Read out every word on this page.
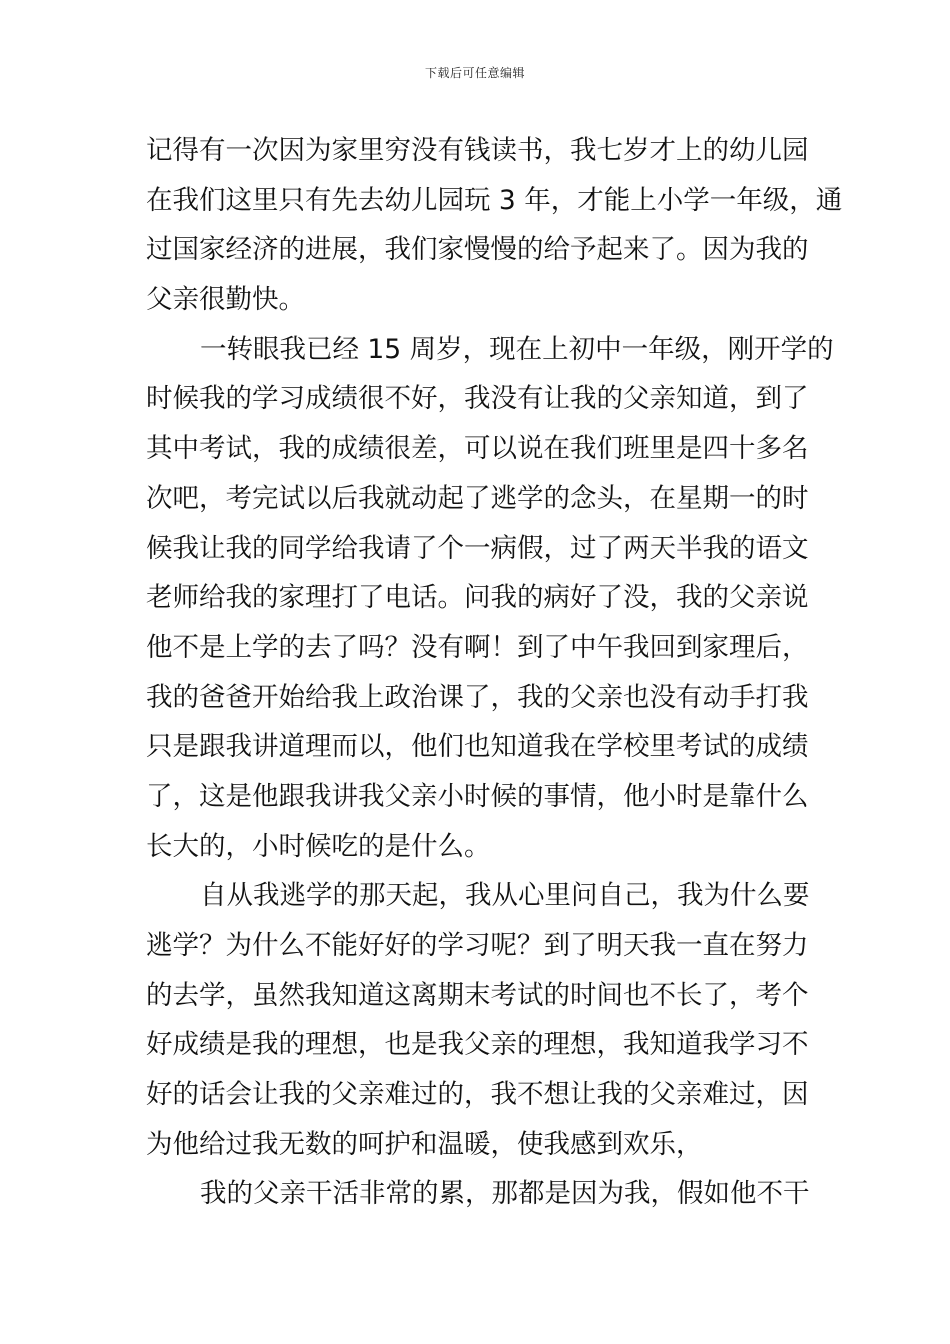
下载后可任意编辑
记得有一次因为家里穷没有钱读书，我七岁才上的幼儿园
在我们这里只有先去幼儿园玩 3 年，才能上小学一年级，通
过国家经济的进展，我们家慢慢的给予起来了。因为我的
父亲很勤快。
一转眼我已经 15 周岁，现在上初中一年级，刚开学的
时候我的学习成绩很不好，我没有让我的父亲知道，到了
其中考试，我的成绩很差，可以说在我们班里是四十多名
次吧，考完试以后我就动起了逃学的念头，在星期一的时
候我让我的同学给我请了个一病假，过了两天半我的语文
老师给我的家理打了电话。问我的病好了没，我的父亲说
他不是上学的去了吗？没有啊！到了中午我回到家理后，
我的爸爸开始给我上政治课了，我的父亲也没有动手打我
只是跟我讲道理而以，他们也知道我在学校里考试的成绩
了，这是他跟我讲我父亲小时候的事情，他小时是靠什么
长大的，小时候吃的是什么。
自从我逃学的那天起，我从心里问自己，我为什么要
逃学？为什么不能好好的学习呢？到了明天我一直在努力
的去学，虽然我知道这离期末考试的时间也不长了，考个
好成绩是我的理想，也是我父亲的理想，我知道我学习不
好的话会让我的父亲难过的，我不想让我的父亲难过，因
为他给过我无数的呵护和温暖，使我感到欢乐，
我的父亲干活非常的累，那都是因为我，假如他不干
